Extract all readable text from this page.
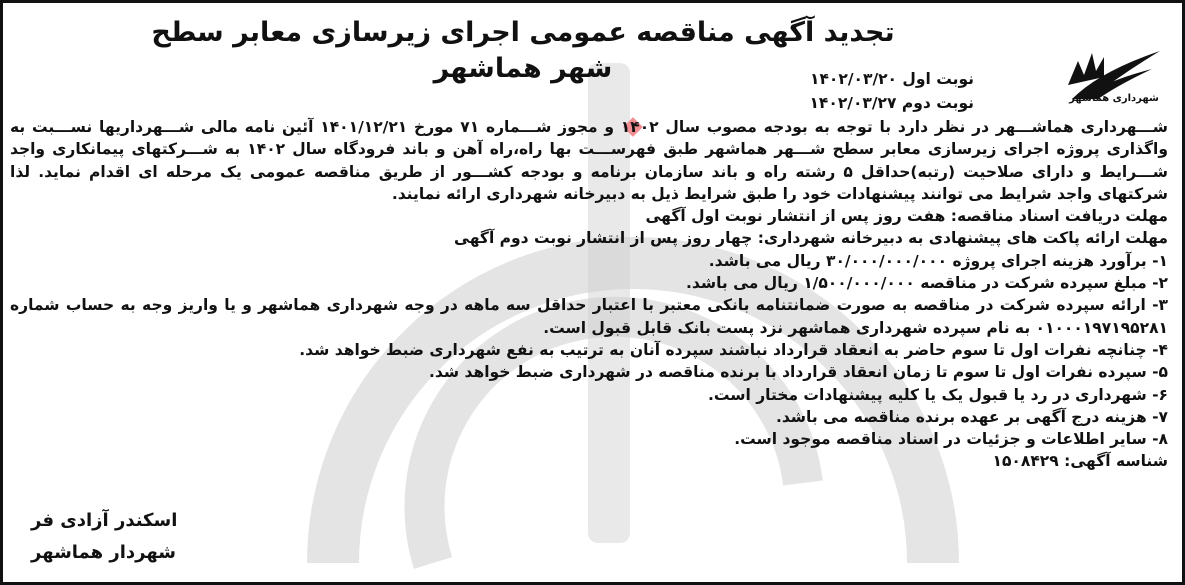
تجدید آگهی مناقصه عمومی اجرای زیرسازی معابر سطح شهر هماشهر
شهرداری هماشهر
نوبت اول ۱۴۰۲/۰۳/۲۰
نوبت دوم ۱۴۰۲/۰۳/۲۷

شـــهرداری هماشـــهر در نظر دارد با توجه به بودجه مصوب سال ۱۴۰۲ و مجوز شـــماره ۷۱ مورخ ۱۴۰۱/۱۲/۲۱ آئین نامه مالی شـــهرداریها نســـبت به واگذاری پروژه اجرای زیرسازی معابر سطح شـــهر هماشهر طبق فهرســـت بها راه،راه آهن و باند فرودگاه سال ۱۴۰۲ به شـــرکتهای پیمانکاری واجد شـــرایط و دارای صلاحیت (رتبه)حداقل ۵ رشته راه و باند سازمان برنامه و بودجه کشـــور از طریق مناقصه عمومی یک مرحله ای اقدام نماید. لذا شرکتهای واجد شرایط می توانند پیشنهادات خود را طبق شرایط ذیل به دبیرخانه شهرداری ارائه نمایند.

مهلت دریافت اسناد مناقصه: هفت روز پس از انتشار نوبت اول آگهی

مهلت ارائه پاکت های پیشنهادی به دبیرخانه شهرداری: چهار روز پس از انتشار نوبت دوم آگهی

۱- برآورد هزینه اجرای پروژه ۳۰/۰۰۰/۰۰۰/۰۰۰ ریال می باشد.
۲- مبلغ سپرده شرکت در مناقصه ۱/۵۰۰/۰۰۰/۰۰۰ ریال می باشد.
۳- ارائه سپرده شرکت در مناقصه به صورت ضمانتنامه بانکی معتبر با اعتبار حداقل سه ماهه در وجه شهرداری هماشهر و یا واریز وجه به حساب شماره ۰۱۰۰۰۱۹۷۱۹۵۲۸۱ به نام سپرده شهرداری هماشهر نزد پست بانک قابل قبول است.
۴- چنانچه نفرات اول تا سوم حاضر به انعقاد قرارداد نباشند سپرده آنان به ترتیب به نفع شهرداری ضبط خواهد شد.
۵- سپرده نفرات اول تا سوم تا زمان انعقاد قرارداد با برنده مناقصه در شهرداری ضبط خواهد شد.
۶- شهرداری در رد یا قبول یک یا کلیه پیشنهادات مختار است.
۷- هزینه درج آگهی بر عهده برنده مناقصه می باشد.
۸- سایر اطلاعات و جزئیات در اسناد مناقصه موجود است.

شناسه آگهی: ۱۵۰۸۴۲۹

اسکندر آزادی فر
شهردار هماشهر
